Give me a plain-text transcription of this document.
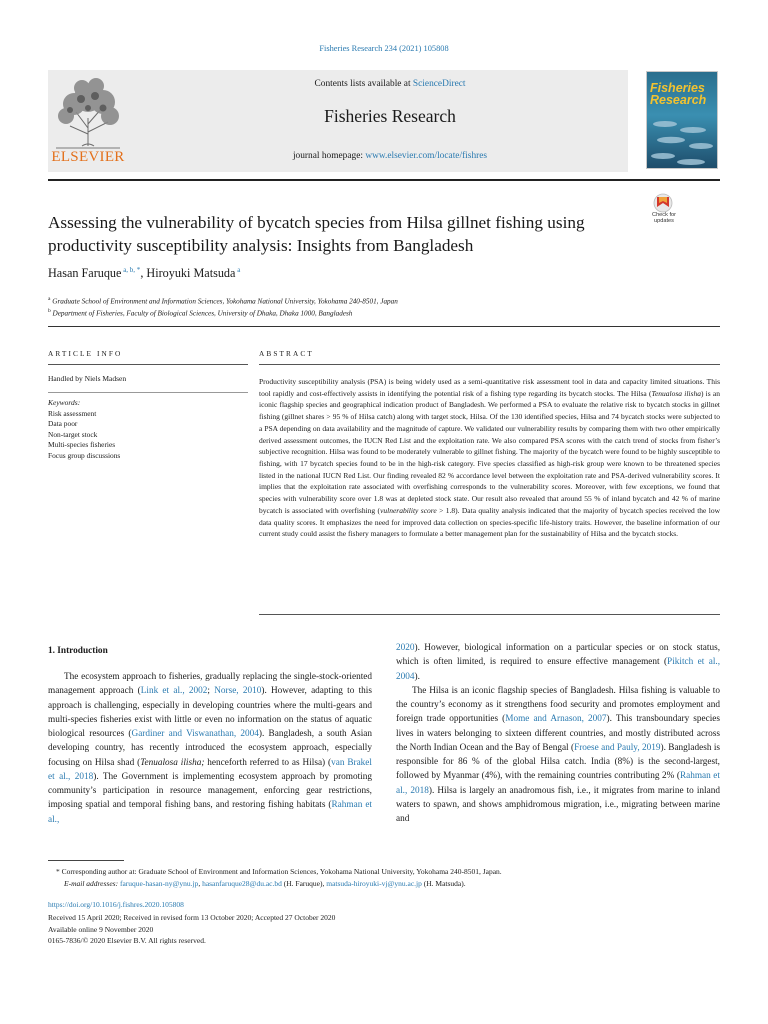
Fisheries Research 234 (2021) 105808
ELSEVIER
Contents lists available at ScienceDirect
Fisheries Research
journal homepage: www.elsevier.com/locate/fishres
Fisheries Research
Check for updates
Assessing the vulnerability of bycatch species from Hilsa gillnet fishing using productivity susceptibility analysis: Insights from Bangladesh
Hasan Faruque $^{a, b, *}$, Hiroyuki Matsuda $^a$
$^a$ Graduate School of Environment and Information Sciences, Yokohama National University, Yokohama 240-8501, Japan
$^b$ Department of Fisheries, Faculty of Biological Sciences, University of Dhaka, Dhaka 1000, Bangladesh
ARTICLE INFO	ABSTRACT
Handled by Niels Madsen
Keywords:
Risk assessment
Data poor
Non-target stock
Multi-species fisheries
Focus group discussions
Productivity susceptibility analysis (PSA) is being widely used as a semi-quantitative risk assessment tool in data and capacity limited situations. This tool rapidly and cost-effectively assists in identifying the potential risk of a fishing type regarding its bycatch stocks. The Hilsa (Tenualosa ilisha) is an iconic flagship species and geographical indication product of Bangladesh. We performed a PSA to evaluate the relative risk to bycatch stocks in gillnet fishing (gillnet shares > 95 % of Hilsa catch) along with target stock, Hilsa. Of the 130 identified species, Hilsa and 74 bycatch stocks were subjected to a PSA depending on data availability and the magnitude of capture. We validated our vulnerability results by comparing them with two other empirically derived assessment outcomes, the IUCN Red List and the exploitation rate. We also compared PSA scores with the catch trend of stocks from fisher’s subjective recognition. Hilsa was found to be moderately vulnerable to gillnet fishing. The majority of the bycatch were found to be highly susceptible to fishing, with 17 bycatch species found to be in the high-risk category. Five species classified as high-risk group were known to be threatened species listed in the national IUCN Red List. Our finding revealed 82 % accordance level between the exploitation rate and PSA-derived vulnerability scores. It implies that the exploitation rate associated with overfishing corresponds to the vulnerability scores. Moreover, with few exceptions, we found that species with vulnerability score over 1.8 was at depleted stock state. Our result also revealed that around 55 % of inland bycatch and 42 % of marine bycatch is associated with overfishing (vulnerability score > 1.8). Data quality analysis indicated that the majority of bycatch species received the low data quality scores. It emphasizes the need for improved data collection on species-specific life-history traits. However, the baseline information of our current study could assist the fishery managers to formulate a better management plan for the sustainability of Hilsa and the bycatch stocks.
1. Introduction

The ecosystem approach to fisheries, gradually replacing the single-stock-oriented management approach (Link et al., 2002; Norse, 2010). However, adapting to this approach is challenging, especially in developing countries where the multi-gears and multi-species fisheries exist with little or even no information on the status of aquatic biological resources (Gardiner and Viswanathan, 2004). Bangladesh, a south Asian developing country, has recently introduced the ecosystem approach, especially focusing on Hilsa shad (Tenualosa ilisha; henceforth referred to as Hilsa) (van Brakel et al., 2018). The Government is implementing ecosystem approach by promoting community’s participation in resource management, enforcing gear restrictions, imposing spatial and temporal fishing bans, and restoring fishing habitats (Rahman et al.,

2020). However, biological information on a particular species or on stock status, which is often limited, is required to ensure effective management (Pikitch et al., 2004).

The Hilsa is an iconic flagship species of Bangladesh. Hilsa fishing is valuable to the country’s economy as it strengthens food security and promotes employment and foreign trade opportunities (Mome and Arnason, 2007). This transboundary species lives in waters belonging to sixteen different countries, and mostly distributed across the North Indian Ocean and the Bay of Bengal (Froese and Pauly, 2019). Bangladesh is responsible for 86 % of the global Hilsa catch. India (8%) is the second-largest, followed by Myanmar (4%), with the remaining countries contributing 2% (Rahman et al., 2018). Hilsa is largely an anadromous fish, i.e., it migrates from marine to inland waters to spawn, and shows amphidromous migration, i.e., migrating between marine and

* Corresponding author at: Graduate School of Environment and Information Sciences, Yokohama National University, Yokohama 240-8501, Japan.
E-mail addresses: faruque-hasan-ny@ynu.jp, hasanfaruque28@du.ac.bd (H. Faruque), matsuda-hiroyuki-vj@ynu.ac.jp (H. Matsuda).
https://doi.org/10.1016/j.fishres.2020.105808
Received 15 April 2020; Received in revised form 13 October 2020; Accepted 27 October 2020
Available online 9 November 2020
0165-7836/© 2020 Elsevier B.V. All rights reserved.
